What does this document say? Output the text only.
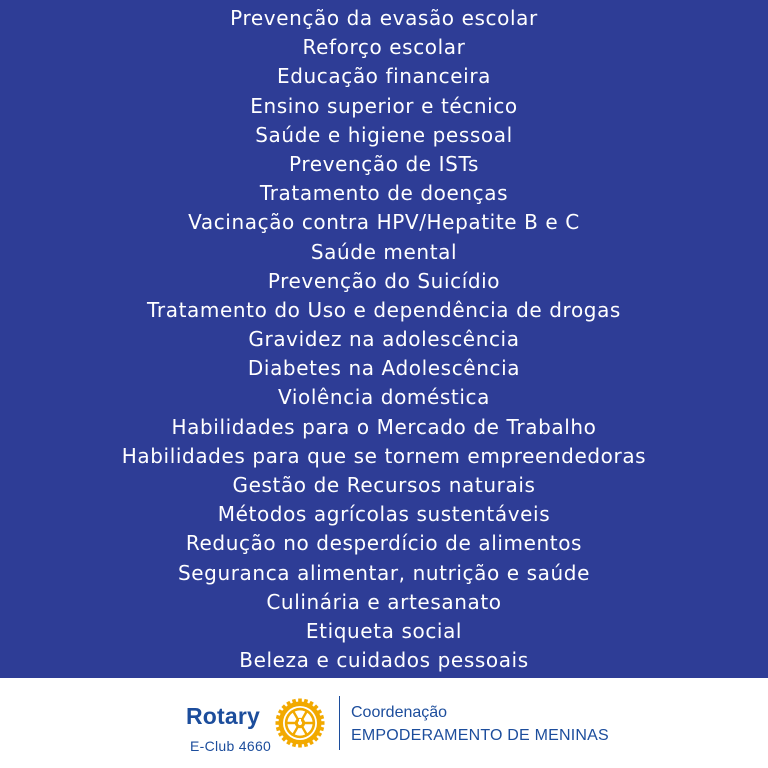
Prevenção da evasão escolar
Reforço escolar
Educação financeira
Ensino superior e técnico
Saúde e higiene pessoal
Prevenção de ISTs
Tratamento de doenças
Vacinação contra HPV/Hepatite B e C
Saúde mental
Prevenção do Suicídio
Tratamento do Uso e dependência de drogas
Gravidez na adolescência
Diabetes na Adolescência
Violência doméstica
Habilidades para o Mercado de Trabalho
Habilidades para que se tornem empreendedoras
Gestão de Recursos naturais
Métodos agrícolas sustentáveis
Redução no desperdício de alimentos
Seguranca alimentar, nutrição e saúde
Culinária e artesanato
Etiqueta social
Beleza e cuidados pessoais
Rotary
E-Club 4660
Coordenação
EMPODERAMENTO DE MENINAS
